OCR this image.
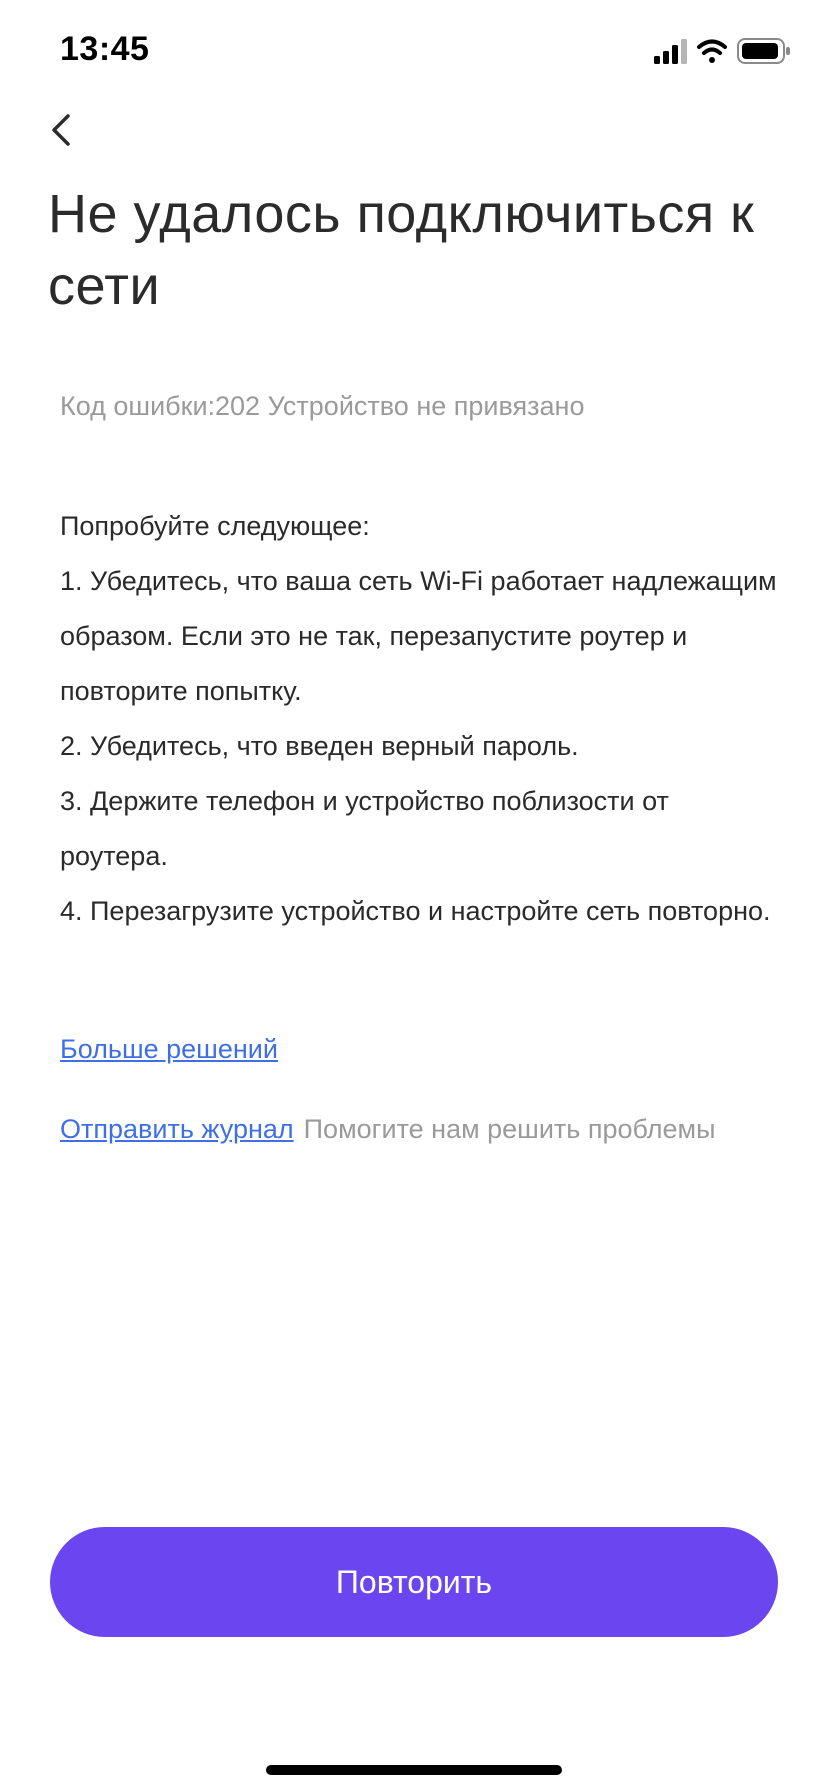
13:45
Не удалось подключиться к сети
Код ошибки:202 Устройство не привязано
Попробуйте следующее:
1. Убедитесь, что ваша сеть Wi-Fi работает надлежащим образом. Если это не так, перезапустите роутер и повторите попытку.
2. Убедитесь, что введен верный пароль.
3. Держите телефон и устройство поблизости от роутера.
4. Перезагрузите устройство и настройте сеть повторно.
Больше решений
Отправить журнал Помогите нам решить проблемы
Повторить
